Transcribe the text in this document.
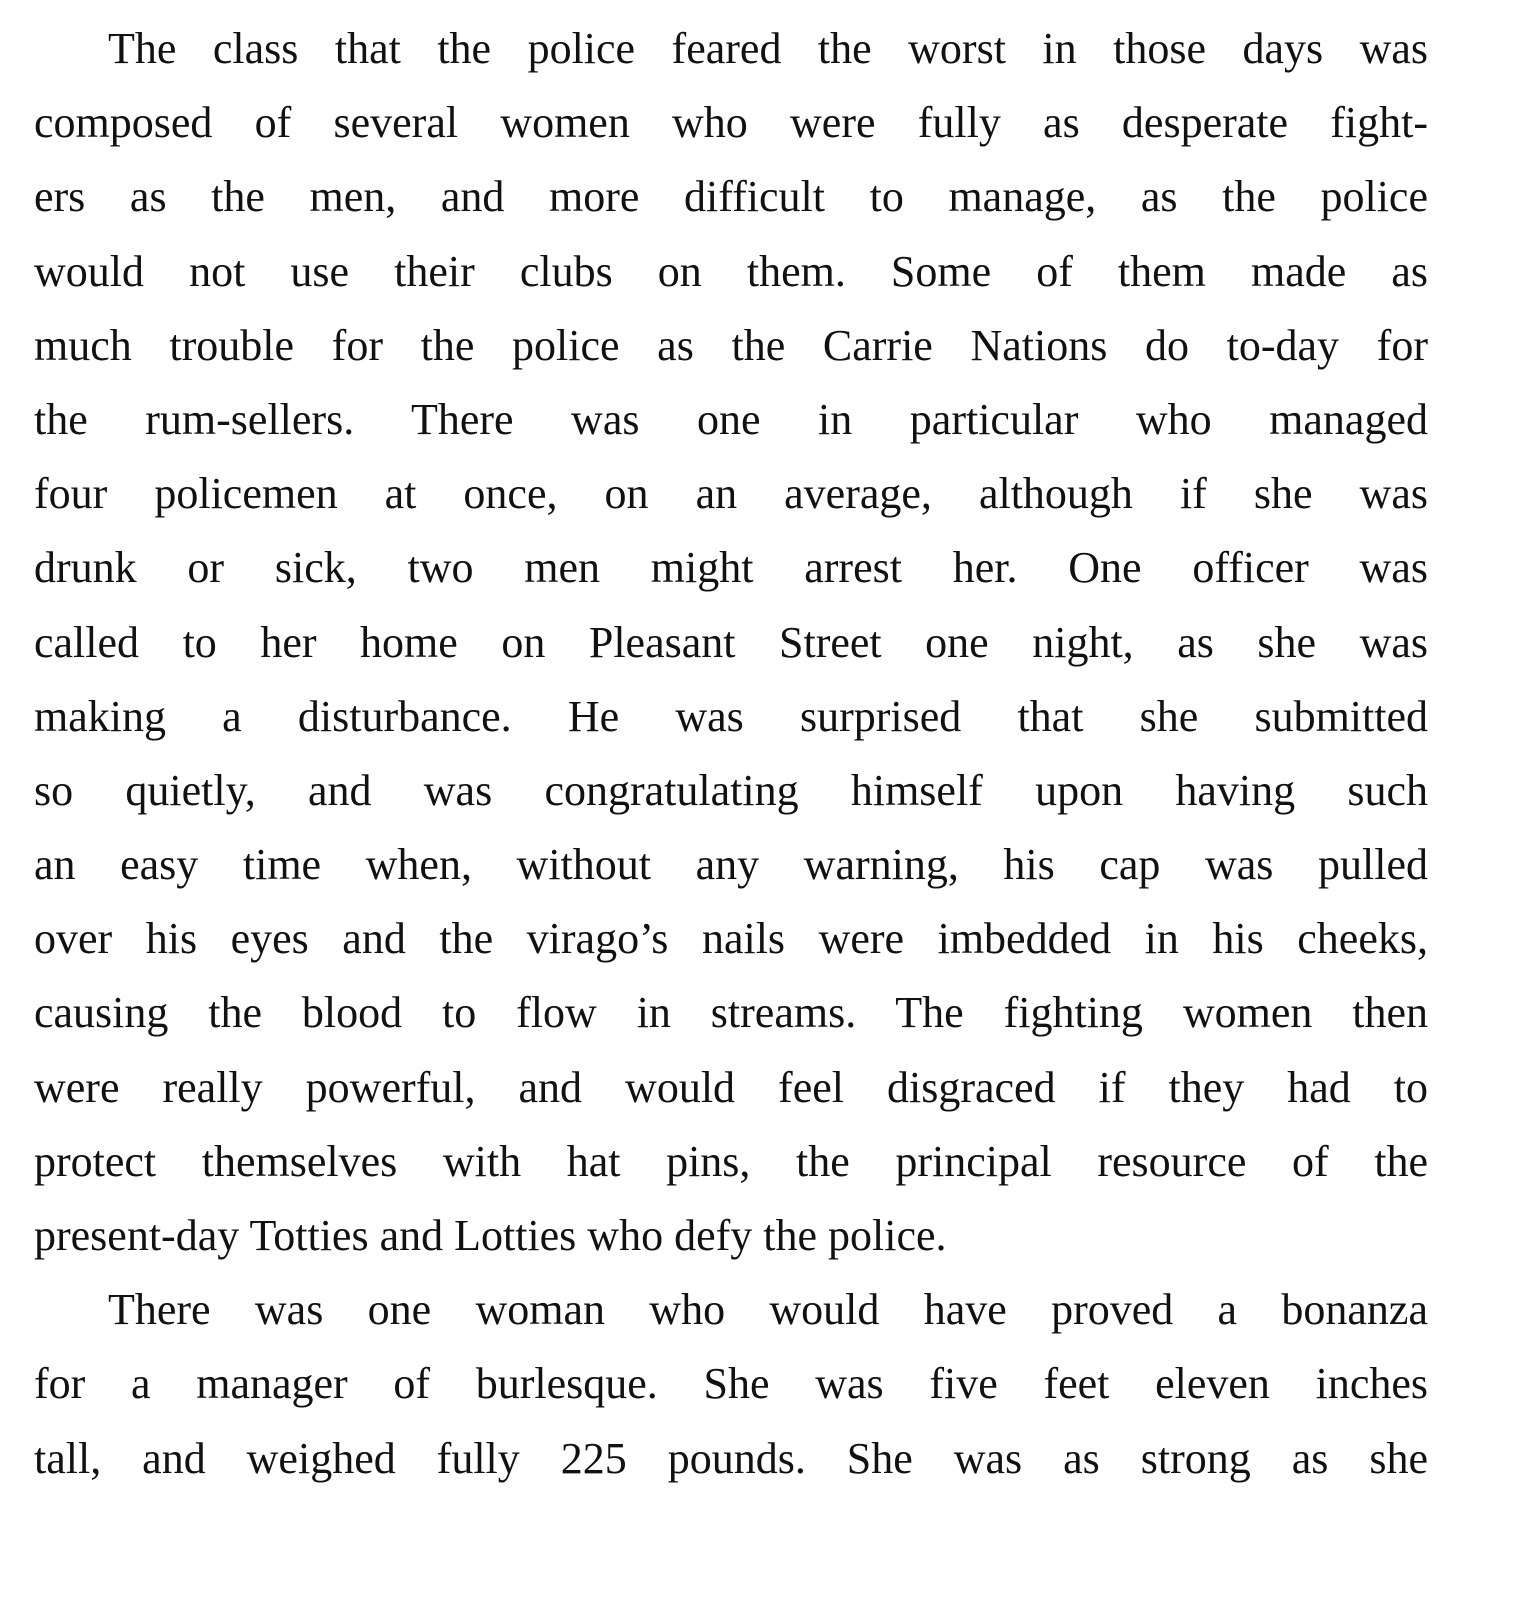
The class that the police feared the worst in those days was
composed of several women who were fully as desperate fight-
ers as the men, and more difficult to manage, as the police
would not use their clubs on them. Some of them made as
much trouble for the police as the Carrie Nations do to-day for
the rum-sellers. There was one in particular who managed
four policemen at once, on an average, although if she was
drunk or sick, two men might arrest her. One officer was
called to her home on Pleasant Street one night, as she was
making a disturbance. He was surprised that she submitted
so quietly, and was congratulating himself upon having such
an easy time when, without any warning, his cap was pulled
over his eyes and the virago’s nails were imbedded in his cheeks,
causing the blood to flow in streams. The fighting women then
were really powerful, and would feel disgraced if they had to
protect themselves with hat pins, the principal resource of the
present-day Totties and Lotties who defy the police.
There was one woman who would have proved a bonanza
for a manager of burlesque. She was five feet eleven inches
tall, and weighed fully 225 pounds. She was as strong as she
